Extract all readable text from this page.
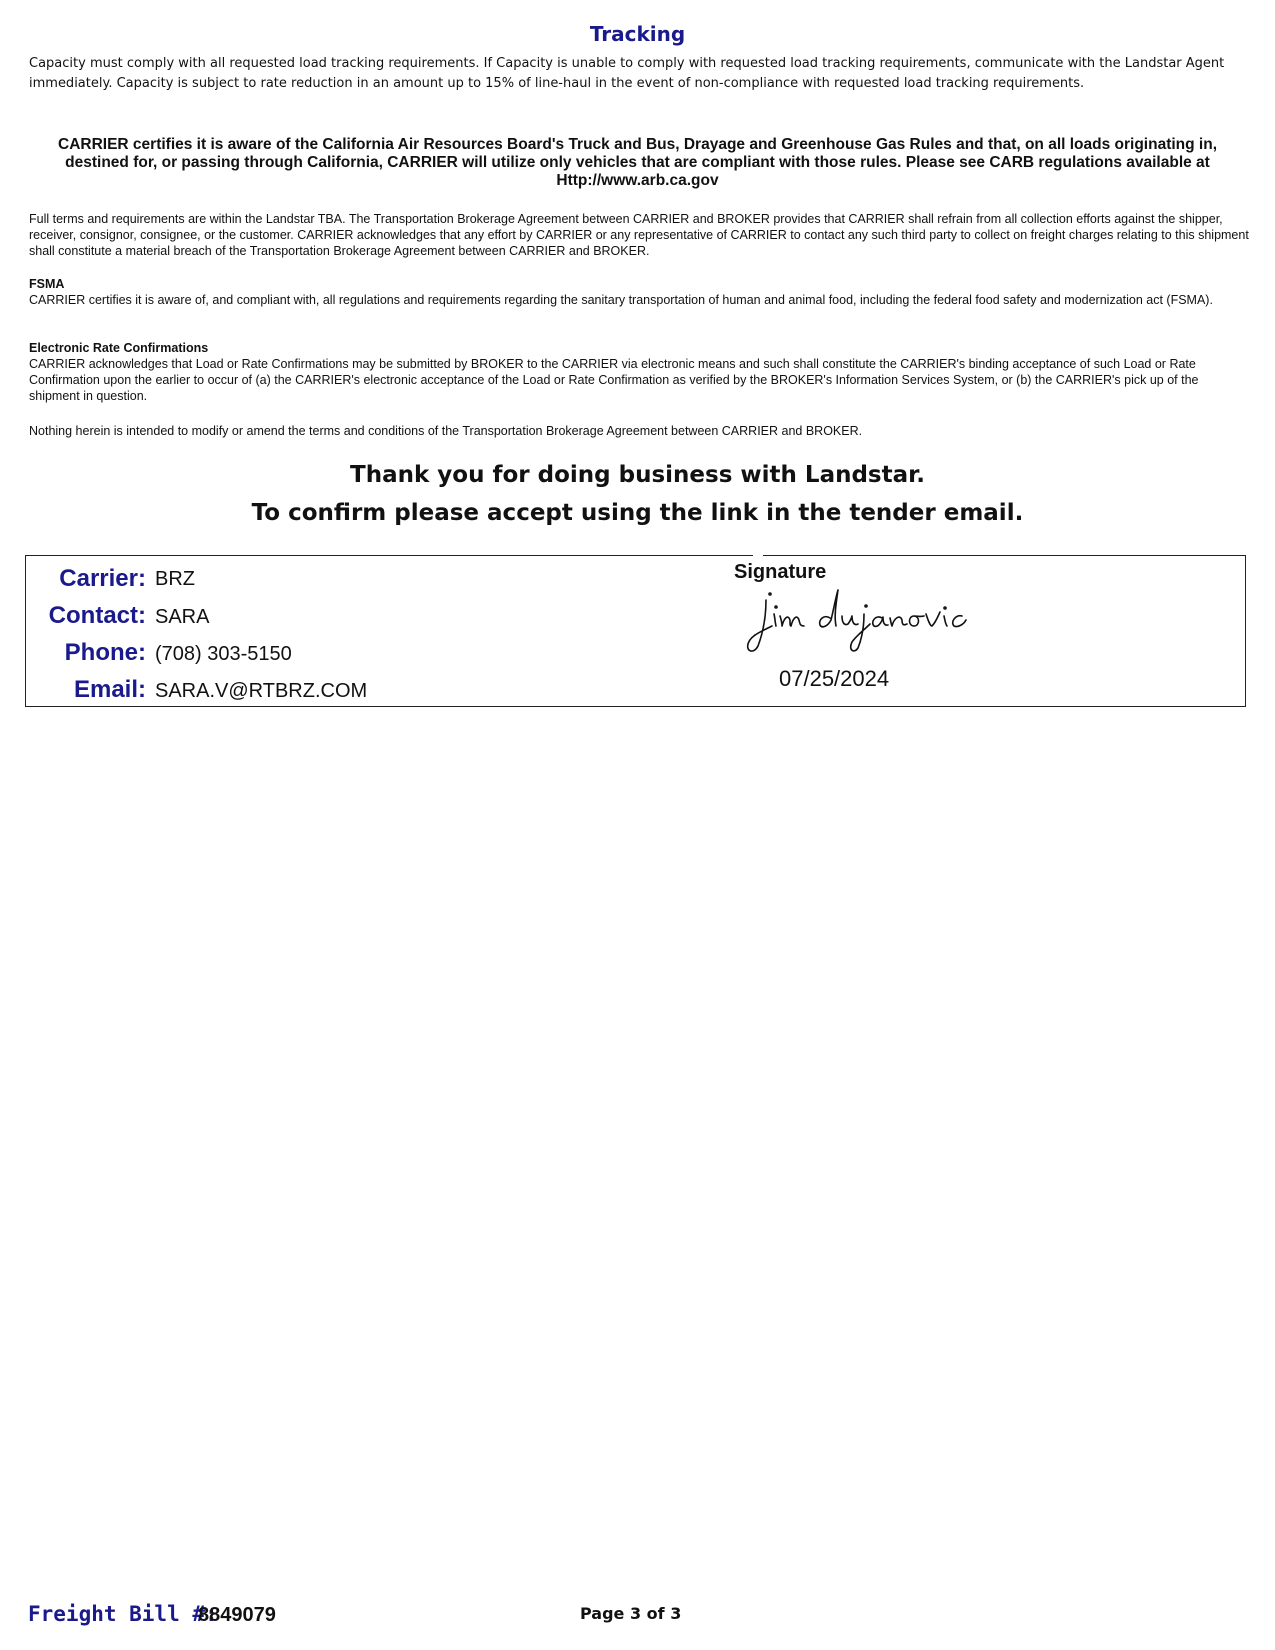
Tracking
Capacity must comply with all requested load tracking requirements. If Capacity is unable to comply with requested load tracking requirements, communicate with the Landstar Agent immediately. Capacity is subject to rate reduction in an amount up to 15% of line-haul in the event of non-compliance with requested load tracking requirements.
CARRIER certifies it is aware of the California Air Resources Board's Truck and Bus, Drayage and Greenhouse Gas Rules and that, on all loads originating in, destined for, or passing through California, CARRIER will utilize only vehicles that are compliant with those rules. Please see CARB regulations available at Http://www.arb.ca.gov
Full terms and requirements are within the Landstar TBA. The Transportation Brokerage Agreement between CARRIER and BROKER provides that CARRIER shall refrain from all collection efforts against the shipper, receiver, consignor, consignee, or the customer. CARRIER acknowledges that any effort by CARRIER or any representative of CARRIER to contact any such third party to collect on freight charges relating to this shipment shall constitute a material breach of the Transportation Brokerage Agreement between CARRIER and BROKER.
FSMA
CARRIER certifies it is aware of, and compliant with, all regulations and requirements regarding the sanitary transportation of human and animal food, including the federal food safety and modernization act (FSMA).
Electronic Rate Confirmations
CARRIER acknowledges that Load or Rate Confirmations may be submitted by BROKER to the CARRIER via electronic means and such shall constitute the CARRIER's binding acceptance of such Load or Rate Confirmation upon the earlier to occur of (a) the CARRIER's electronic acceptance of the Load or Rate Confirmation as verified by the BROKER's Information Services System, or (b) the CARRIER's pick up of the shipment in question.
Nothing herein is intended to modify or amend the terms and conditions of the Transportation Brokerage Agreement between CARRIER and BROKER.
Thank you for doing business with Landstar.
To confirm please accept using the link in the tender email.
Carrier: BRZ
Contact: SARA
Phone: (708) 303-5150
Email: SARA.V@RTBRZ.COM
Signature
07/25/2024
Freight Bill #:
8849079	Page 3 of 3
